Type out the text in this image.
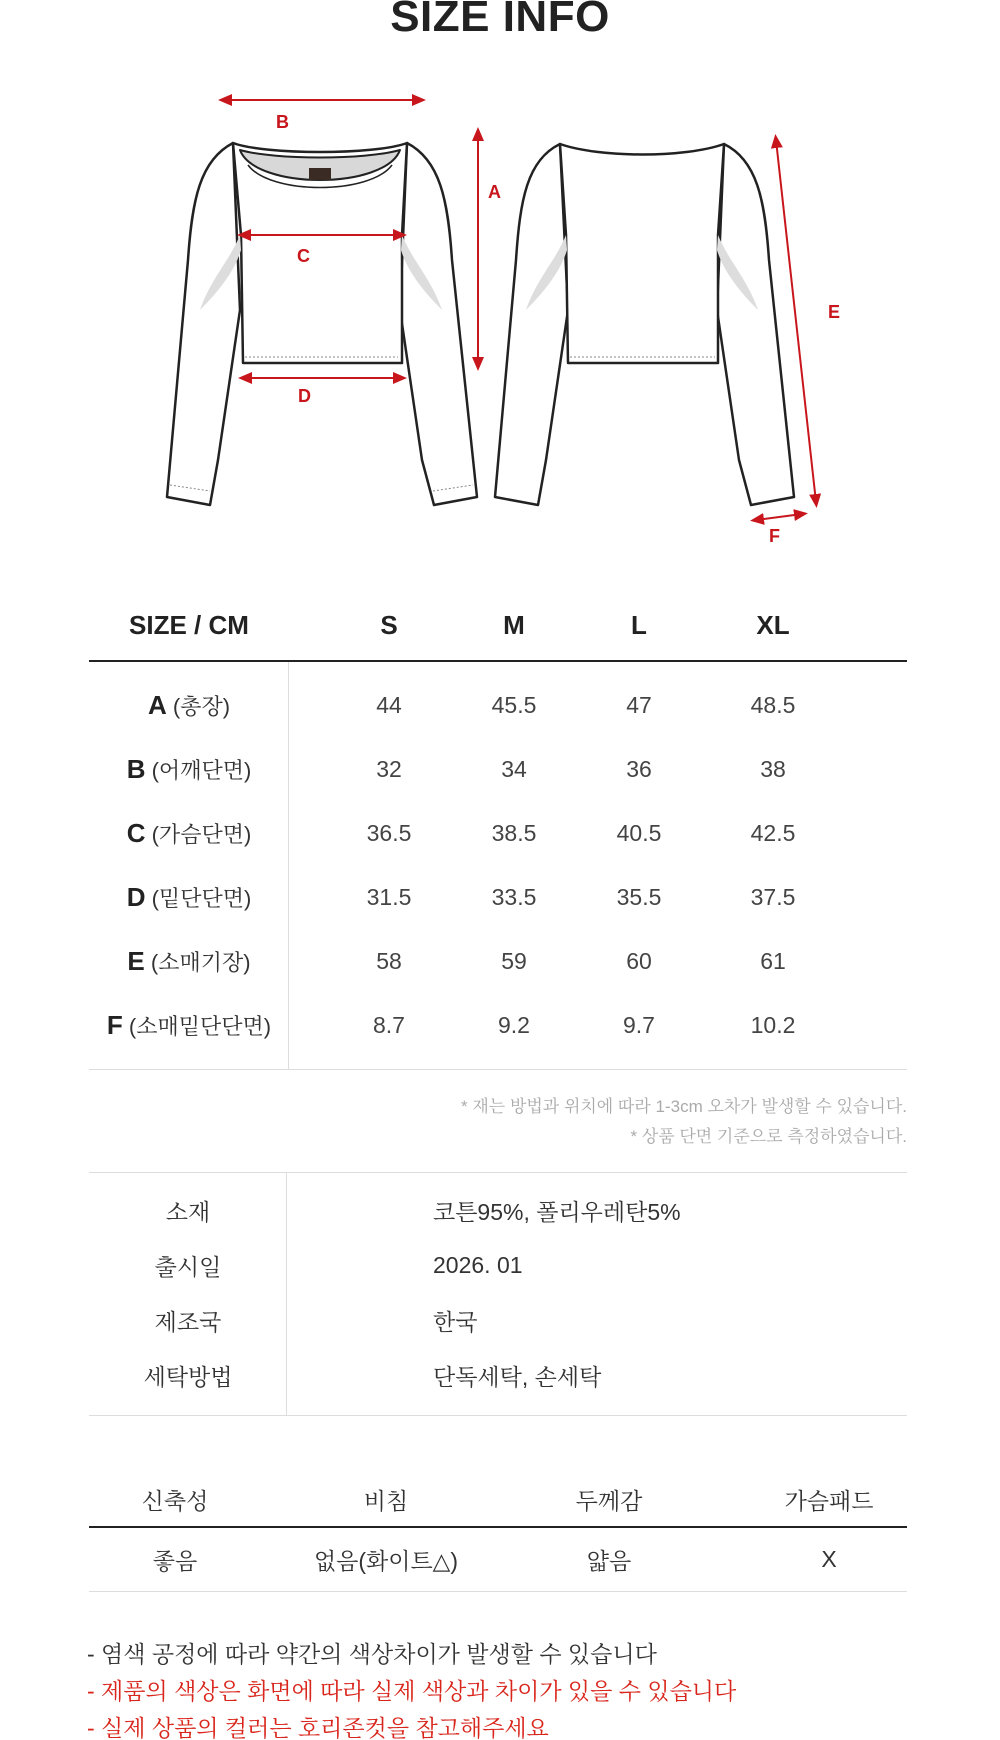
SIZE INFO
B
A
C
D
E
F
SIZE / CM	S	M	L	XL
A (총장)	44	45.5	47	48.5
B (어깨단면)	32	34	36	38
C (가슴단면)	36.5	38.5	40.5	42.5
D (밑단단면)	31.5	33.5	35.5	37.5
E (소매기장)	58	59	60	61
F (소매밑단단면)	8.7	9.2	9.7	10.2
* 재는 방법과 위치에 따라 1-3cm 오차가 발생할 수 있습니다.
* 상품 단면 기준으로 측정하였습니다.
소재	코튼95%, 폴리우레탄5%
출시일	2026. 01
제조국	한국
세탁방법	단독세탁, 손세탁
신축성	비침	두께감	가슴패드
좋음	없음(화이트△)	얇음	X
- 염색 공정에 따라 약간의 색상차이가 발생할 수 있습니다
- 제품의 색상은 화면에 따라 실제 색상과 차이가 있을 수 있습니다
- 실제 상품의 컬러는 호리존컷을 참고해주세요
